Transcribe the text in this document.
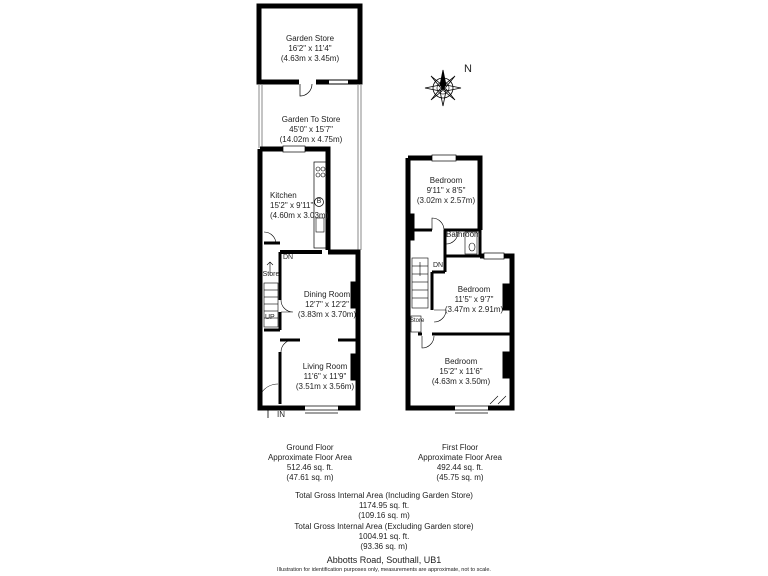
N
Garden Store
16'2" x 11'4"
(4.63m x 3.45m)
Garden To Store
45'0" x 15'7"
(14.02m x 4.75m)
Kitchen
15'2" x 9'11"
(4.60m x 3.03m)
B
Store
DN
UP
Dining Room
12'7" x 12'2"
(3.83m x 3.70m)
Living Room
11'6" x 11'9"
(3.51m x 3.56m)
IN
Bedroom
9'11" x 8'5"
(3.02m x 2.57m)
Bathroom
DN
Bedroom
11'5" x 9'7"
(3.47m x 2.91m)
Store
Bedroom
15'2" x 11'6"
(4.63m x 3.50m)
Ground Floor
Approximate Floor Area
512.46 sq. ft.
(47.61 sq. m)
First Floor
Approximate Floor Area
492.44 sq. ft.
(45.75 sq. m)
Total Gross Internal Area (Including Garden Store)
1174.95 sq. ft.
(109.16 sq. m)
Total Gross Internal Area (Excluding Garden store)
1004.91 sq. ft.
(93.36 sq. m)
Abbotts Road, Southall, UB1
Illustration for identification purposes only, measurements are approximate, not to scale.
